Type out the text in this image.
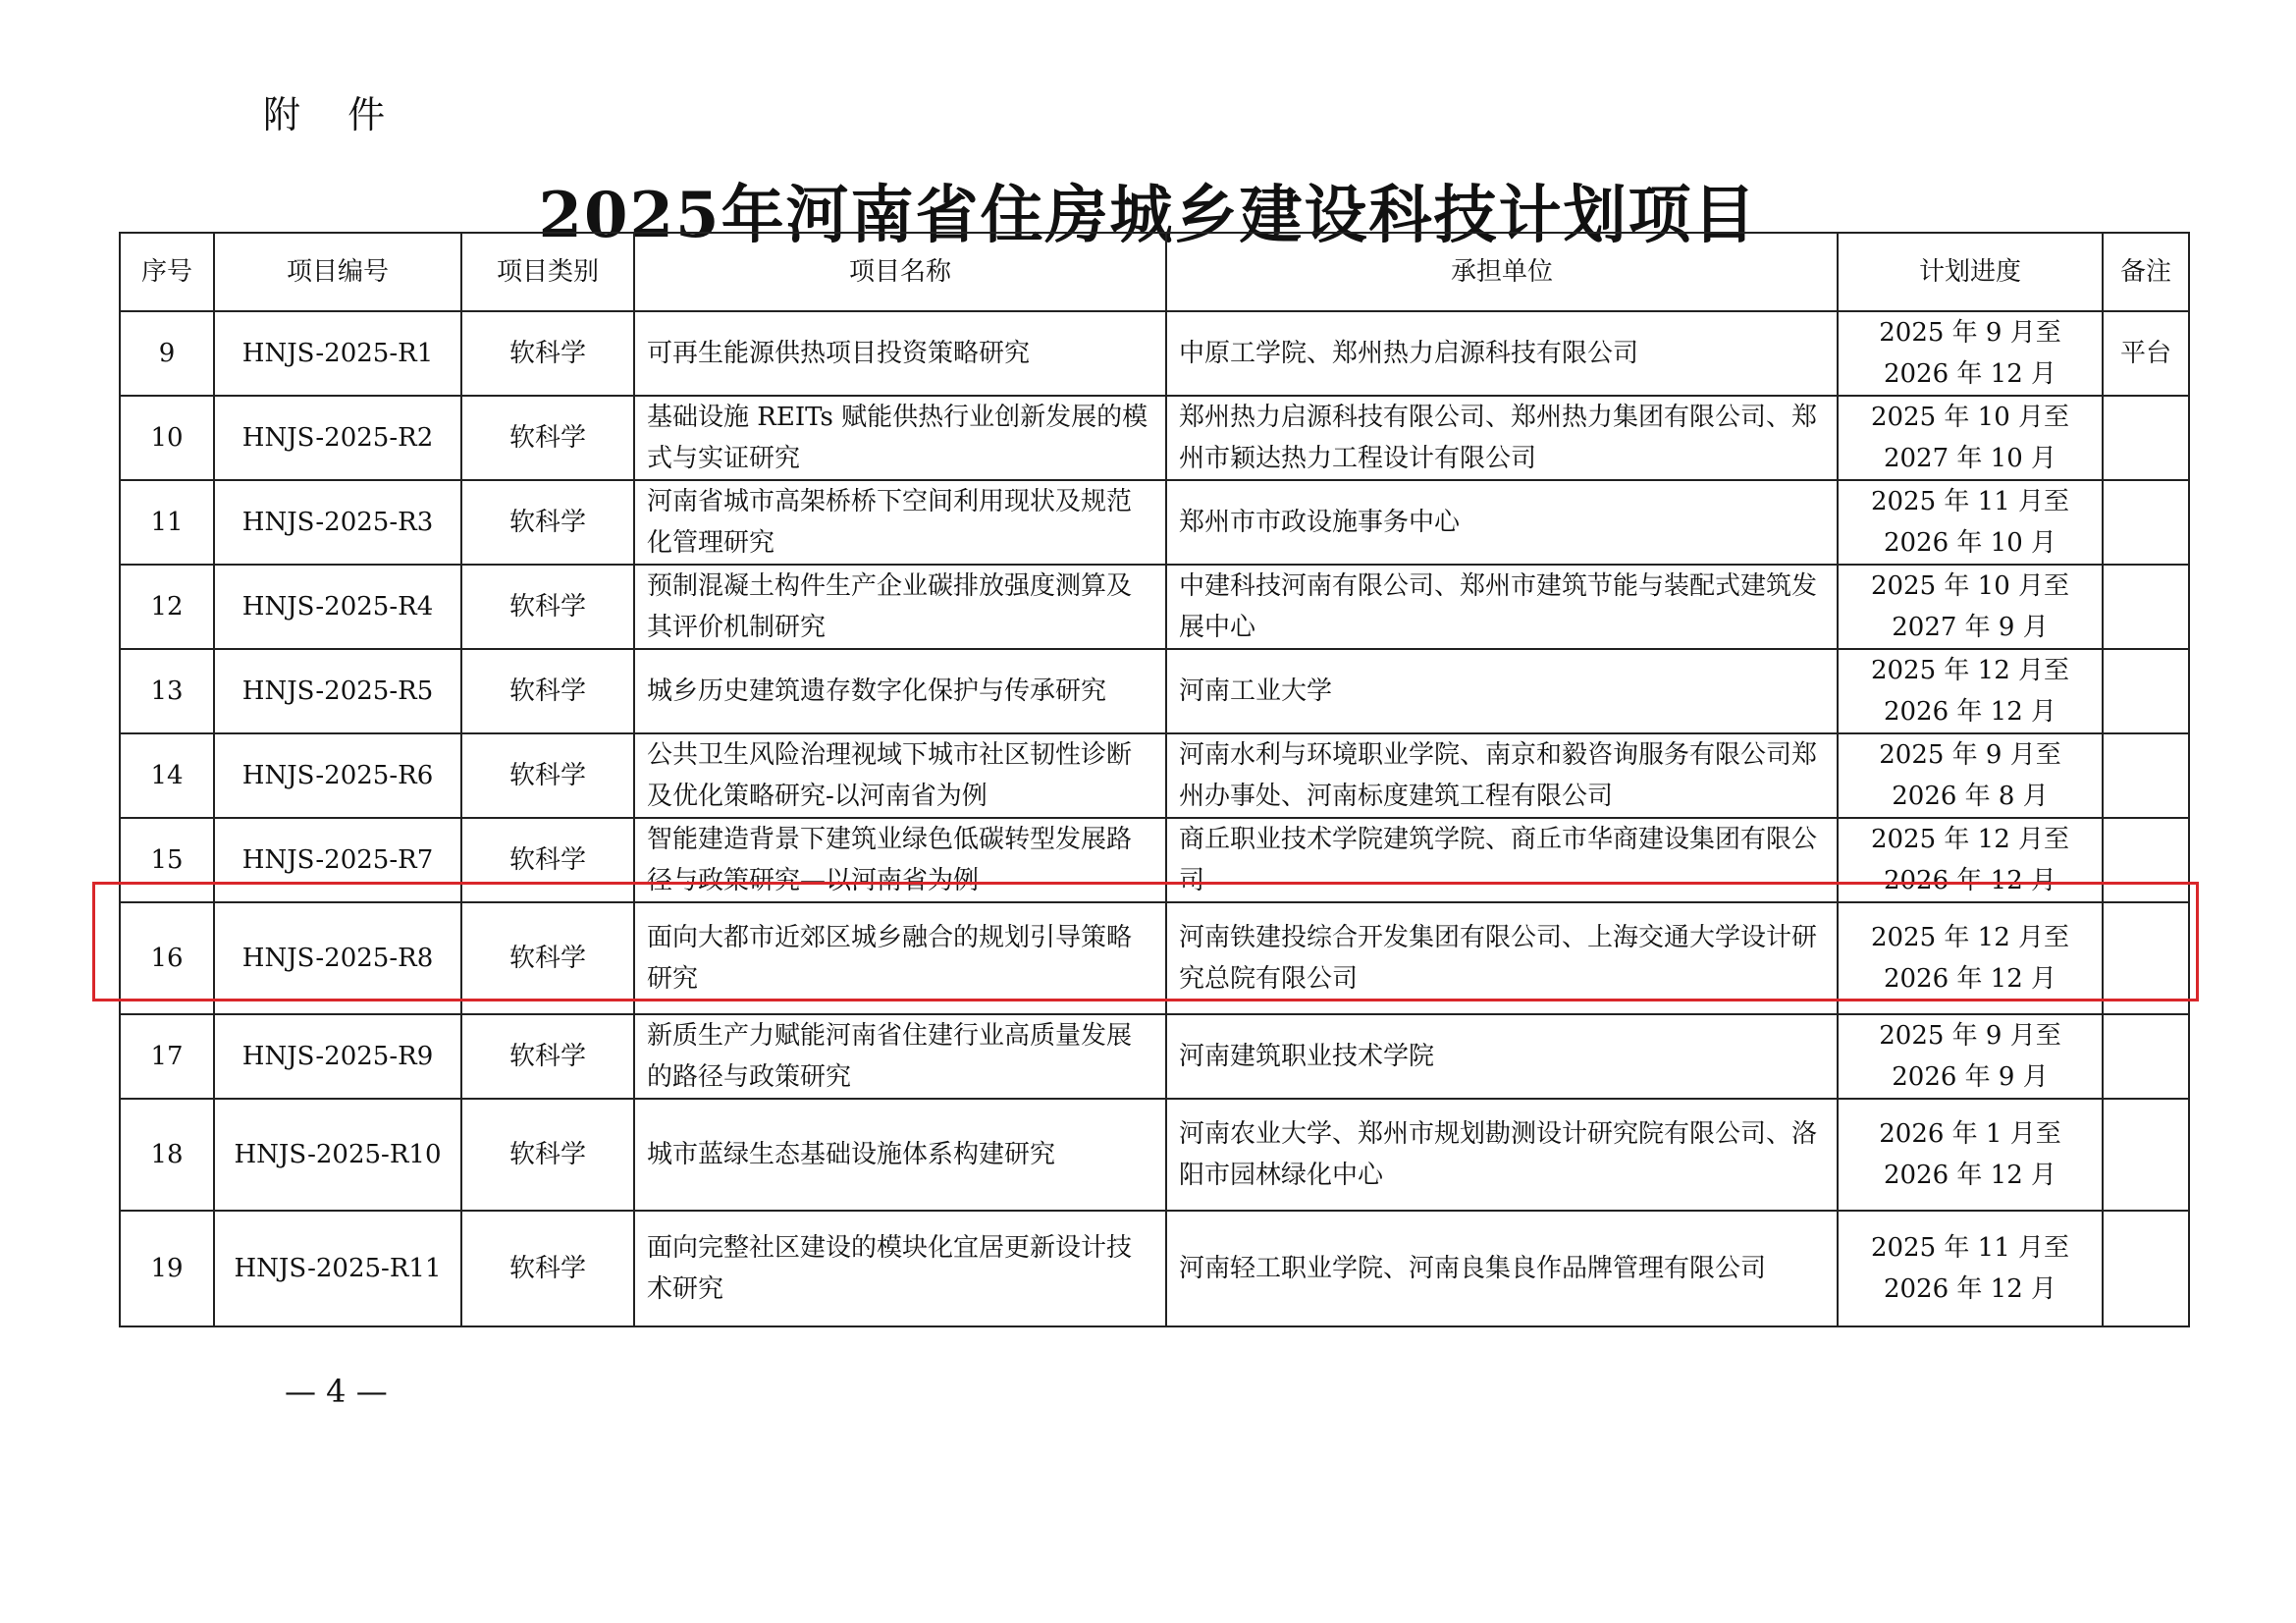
附 件
2025年河南省住房城乡建设科技计划项目
序号	项目编号	项目类别	项目名称	承担单位	计划进度	备注
9	HNJS-2025-R1	软科学	可再生能源供热项目投资策略研究	中原工学院、郑州热力启源科技有限公司	2025 年 9 月至
2026 年 12 月	平台
10	HNJS-2025-R2	软科学	基础设施 REITs 赋能供热行业创新发展的模式与实证研究	郑州热力启源科技有限公司、郑州热力集团有限公司、郑州市颖达热力工程设计有限公司	2025 年 10 月至
2027 年 10 月	

11	HNJS-2025-R3	软科学	河南省城市高架桥桥下空间利用现状及规范化管理研究	郑州市市政设施事务中心	2025 年 11 月至
2026 年 10 月	

12	HNJS-2025-R4	软科学	预制混凝土构件生产企业碳排放强度测算及其评价机制研究	中建科技河南有限公司、郑州市建筑节能与装配式建筑发展中心	2025 年 10 月至
2027 年 9 月	

13	HNJS-2025-R5	软科学	城乡历史建筑遗存数字化保护与传承研究	河南工业大学	2025 年 12 月至
2026 年 12 月	

14	HNJS-2025-R6	软科学	公共卫生风险治理视域下城市社区韧性诊断及优化策略研究-以河南省为例	河南水利与环境职业学院、南京和毅咨询服务有限公司郑州办事处、河南标度建筑工程有限公司	2025 年 9 月至
2026 年 8 月	

15	HNJS-2025-R7	软科学	智能建造背景下建筑业绿色低碳转型发展路径与政策研究—以河南省为例	商丘职业技术学院建筑学院、商丘市华商建设集团有限公司	2025 年 12 月至
2026 年 12 月	

16	HNJS-2025-R8	软科学	面向大都市近郊区城乡融合的规划引导策略研究	河南铁建投综合开发集团有限公司、上海交通大学设计研究总院有限公司	2025 年 12 月至
2026 年 12 月	

17	HNJS-2025-R9	软科学	新质生产力赋能河南省住建行业高质量发展的路径与政策研究	河南建筑职业技术学院	2025 年 9 月至
2026 年 9 月	

18	HNJS-2025-R10	软科学	城市蓝绿生态基础设施体系构建研究	河南农业大学、郑州市规划勘测设计研究院有限公司、洛阳市园林绿化中心	2026 年 1 月至
2026 年 12 月	

19	HNJS-2025-R11	软科学	面向完整社区建设的模块化宜居更新设计技术研究	河南轻工职业学院、河南良集良作品牌管理有限公司	2025 年 11 月至
2026 年 12 月	

— 4 —
